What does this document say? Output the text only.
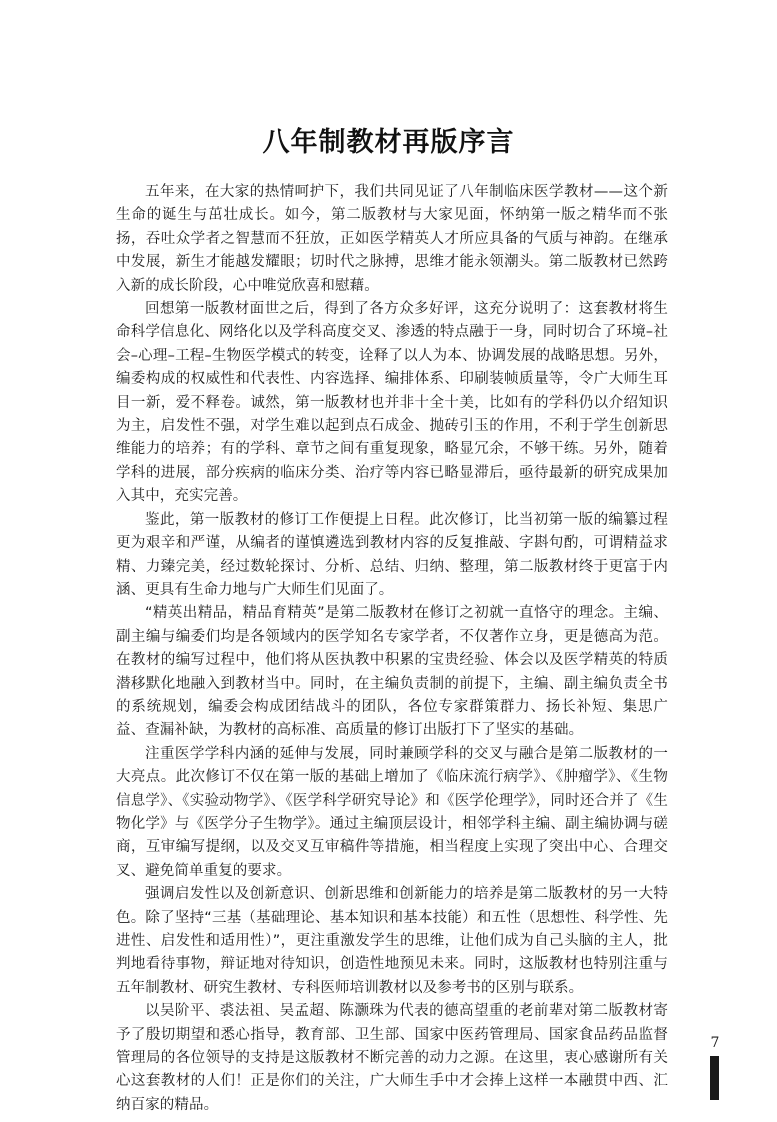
八年制教材再版序言

五年来，在大家的热情呵护下，我们共同见证了八年制临床医学教材——这个新生命的诞生与茁壮成长。如今，第二版教材与大家见面，怀纳第一版之精华而不张扬，吞吐众学者之智慧而不狂放，正如医学精英人才所应具备的气质与神韵。在继承中发展，新生才能越发耀眼；切时代之脉搏，思维才能永领潮头。第二版教材已然跨入新的成长阶段，心中唯觉欣喜和慰藉。

回想第一版教材面世之后，得到了各方众多好评，这充分说明了：这套教材将生命科学信息化、网络化以及学科高度交叉、渗透的特点融于一身，同时切合了环境–社会–心理–工程–生物医学模式的转变，诠释了以人为本、协调发展的战略思想。另外，编委构成的权威性和代表性、内容选择、编排体系、印刷装帧质量等，令广大师生耳目一新，爱不释卷。诚然，第一版教材也并非十全十美，比如有的学科仍以介绍知识为主，启发性不强，对学生难以起到点石成金、抛砖引玉的作用，不利于学生创新思维能力的培养；有的学科、章节之间有重复现象，略显冗余，不够干练。另外，随着学科的进展，部分疾病的临床分类、治疗等内容已略显滞后，亟待最新的研究成果加入其中，充实完善。

鉴此，第一版教材的修订工作便提上日程。此次修订，比当初第一版的编纂过程更为艰辛和严谨，从编者的谨慎遴选到教材内容的反复推敲、字斟句酌，可谓精益求精、力臻完美，经过数轮探讨、分析、总结、归纳、整理，第二版教材终于更富于内涵、更具有生命力地与广大师生们见面了。

“精英出精品，精品育精英”是第二版教材在修订之初就一直恪守的理念。主编、副主编与编委们均是各领域内的医学知名专家学者，不仅著作立身，更是德高为范。在教材的编写过程中，他们将从医执教中积累的宝贵经验、体会以及医学精英的特质潜移默化地融入到教材当中。同时，在主编负责制的前提下，主编、副主编负责全书的系统规划，编委会构成团结战斗的团队，各位专家群策群力、扬长补短、集思广益、查漏补缺，为教材的高标准、高质量的修订出版打下了坚实的基础。

注重医学学科内涵的延伸与发展，同时兼顾学科的交叉与融合是第二版教材的一大亮点。此次修订不仅在第一版的基础上增加了《临床流行病学》、《肿瘤学》、《生物信息学》、《实验动物学》、《医学科学研究导论》和《医学伦理学》，同时还合并了《生物化学》与《医学分子生物学》。通过主编顶层设计，相邻学科主编、副主编协调与磋商，互审编写提纲，以及交叉互审稿件等措施，相当程度上实现了突出中心、合理交叉、避免简单重复的要求。

强调启发性以及创新意识、创新思维和创新能力的培养是第二版教材的另一大特色。除了坚持“三基（基础理论、基本知识和基本技能）和五性（思想性、科学性、先进性、启发性和适用性）”，更注重激发学生的思维，让他们成为自己头脑的主人，批判地看待事物，辩证地对待知识，创造性地预见未来。同时，这版教材也特别注重与五年制教材、研究生教材、专科医师培训教材以及参考书的区别与联系。

以吴阶平、裘法祖、吴孟超、陈灏珠为代表的德高望重的老前辈对第二版教材寄予了殷切期望和悉心指导，教育部、卫生部、国家中医药管理局、国家食品药品监督管理局的各位领导的支持是这版教材不断完善的动力之源。在这里，衷心感谢所有关心这套教材的人们！正是你们的关注，广大师生手中才会捧上这样一本融贯中西、汇纳百家的精品。

7
